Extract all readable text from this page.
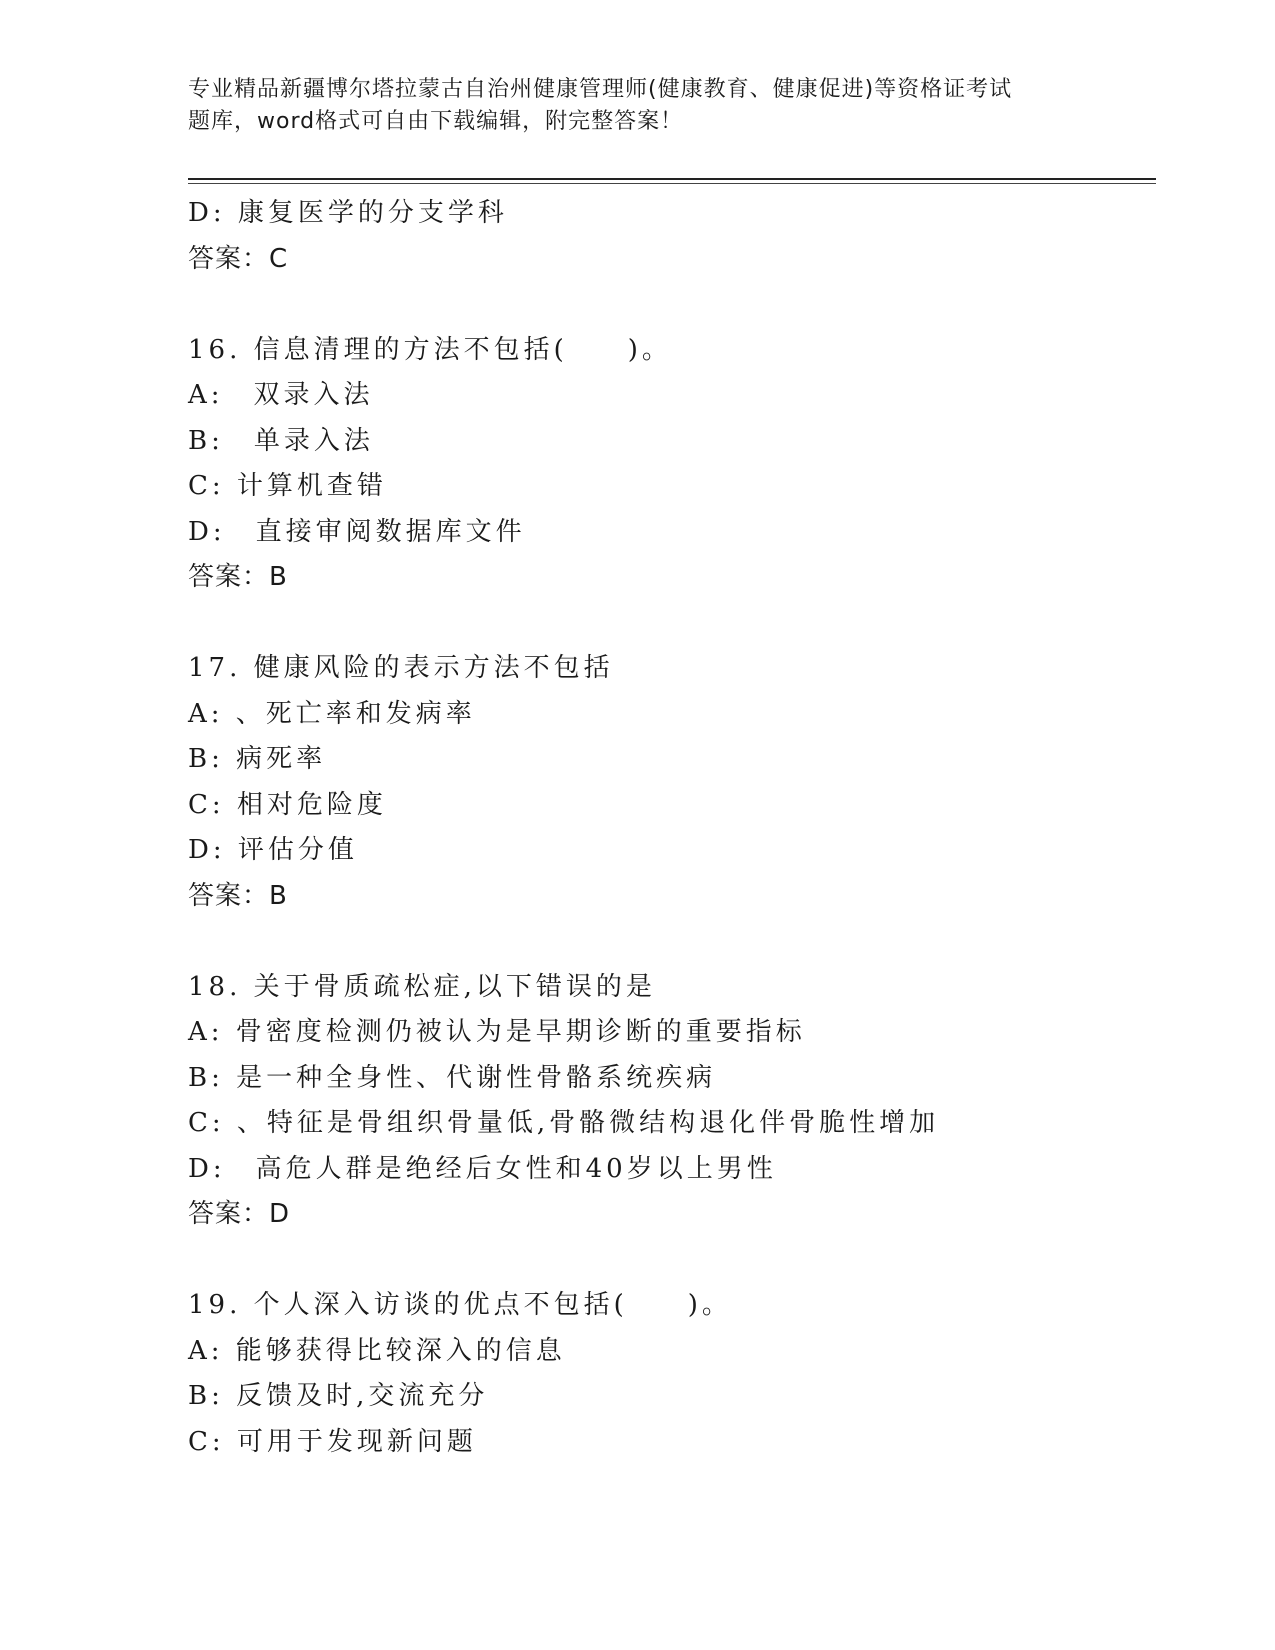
专业精品新疆博尔塔拉蒙古自治州健康管理师(健康教育、健康促进)等资格证考试
题库，word格式可自由下载编辑，附完整答案！
D: 康复医学的分支学科
答案：C
16. 信息清理的方法不包括(　　)。
A:　双录入法
B:　单录入法
C: 计算机查错
D:　直接审阅数据库文件
答案：B
17. 健康风险的表示方法不包括
A: 、死亡率和发病率
B: 病死率
C: 相对危险度
D: 评估分值
答案：B
18. 关于骨质疏松症,以下错误的是
A: 骨密度检测仍被认为是早期诊断的重要指标
B: 是一种全身性、代谢性骨骼系统疾病
C: 、特征是骨组织骨量低,骨骼微结构退化伴骨脆性增加
D:　高危人群是绝经后女性和40岁以上男性
答案：D
19. 个人深入访谈的优点不包括(　　)。
A: 能够获得比较深入的信息
B: 反馈及时,交流充分
C: 可用于发现新问题
